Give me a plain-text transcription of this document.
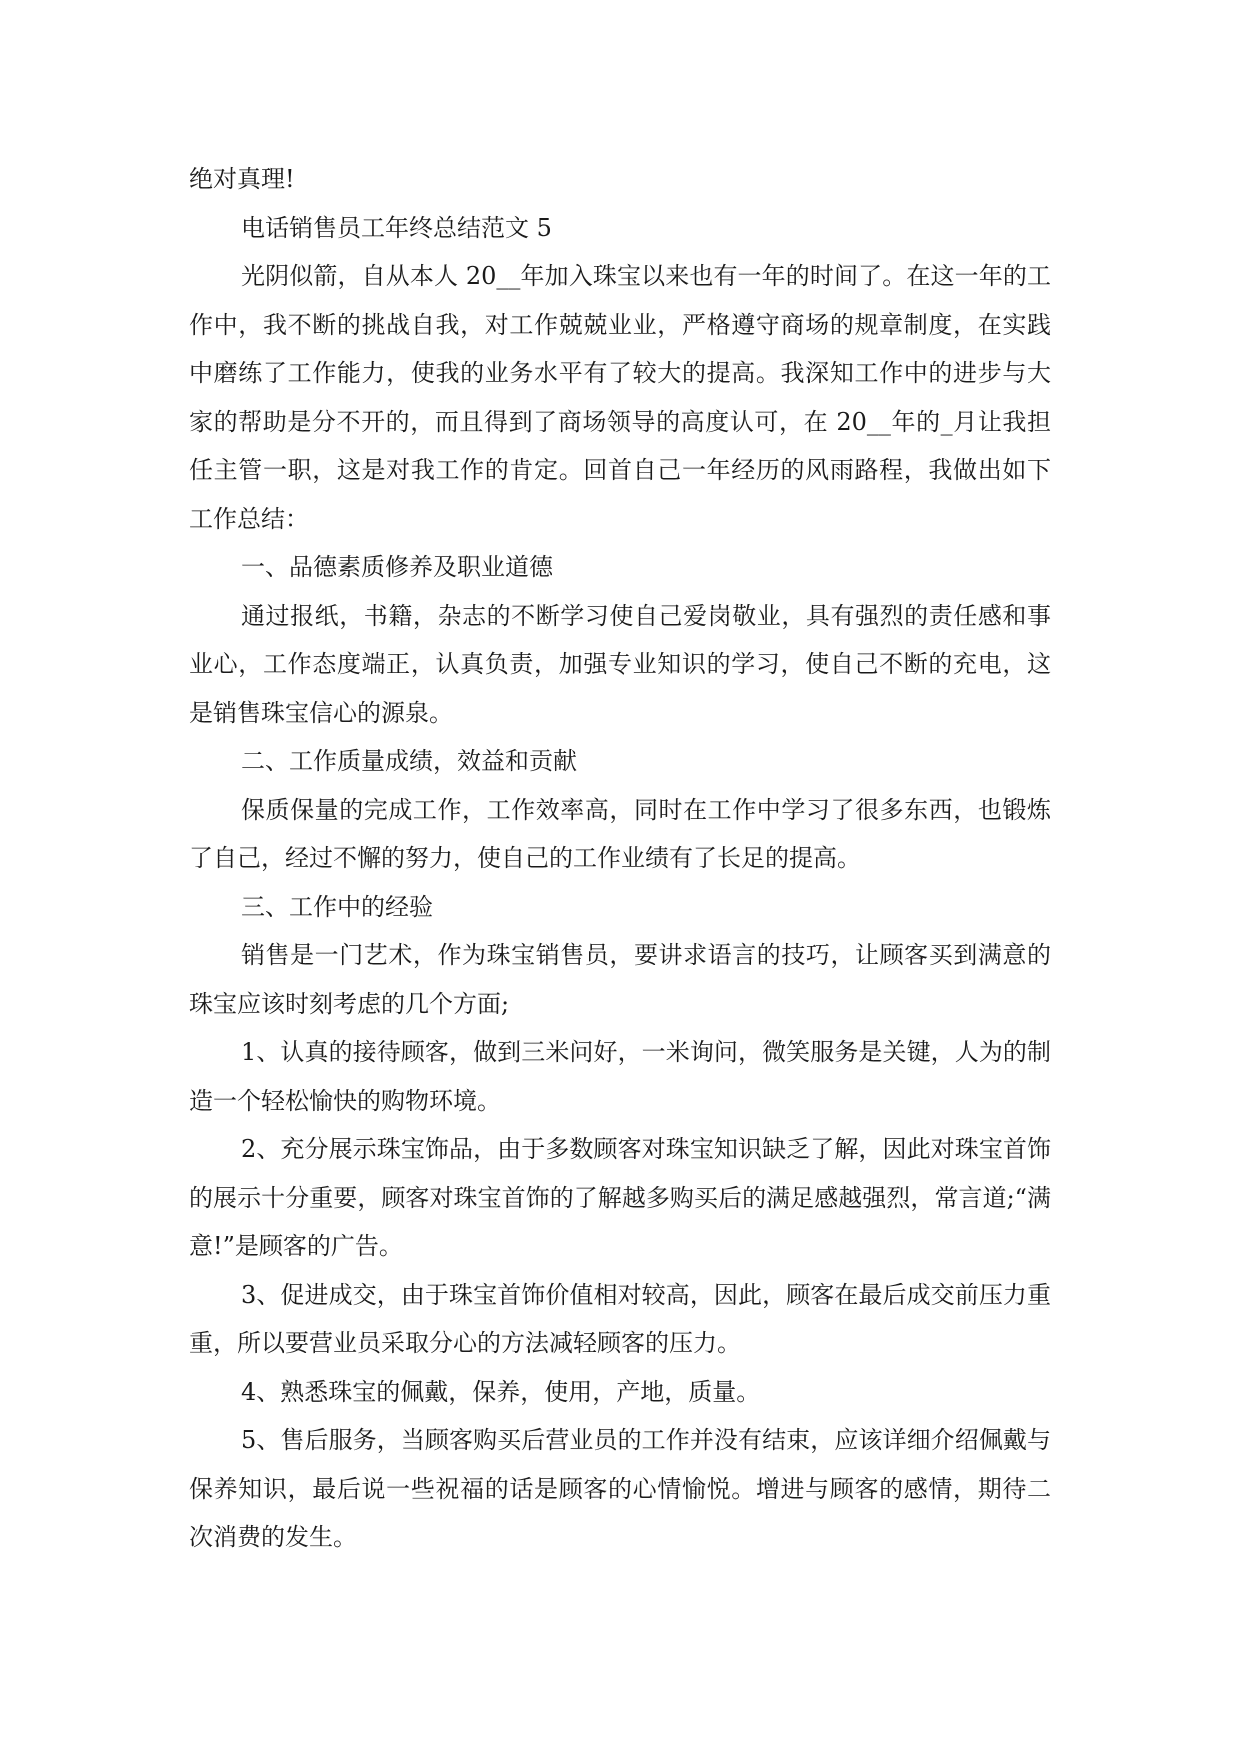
绝对真理!

电话销售员工年终总结范文 5

光阴似箭，自从本人 20__年加入珠宝以来也有一年的时间了。在这一年的工作中，我不断的挑战自我，对工作兢兢业业，严格遵守商场的规章制度，在实践中磨练了工作能力，使我的业务水平有了较大的提高。我深知工作中的进步与大家的帮助是分不开的，而且得到了商场领导的高度认可，在 20__年的_月让我担任主管一职，这是对我工作的肯定。回首自己一年经历的风雨路程，我做出如下工作总结：

一、品德素质修养及职业道德

通过报纸，书籍，杂志的不断学习使自己爱岗敬业，具有强烈的责任感和事业心，工作态度端正，认真负责，加强专业知识的学习，使自己不断的充电，这是销售珠宝信心的源泉。

二、工作质量成绩，效益和贡献

保质保量的完成工作，工作效率高，同时在工作中学习了很多东西，也锻炼了自己，经过不懈的努力，使自己的工作业绩有了长足的提高。

三、工作中的经验

销售是一门艺术，作为珠宝销售员，要讲求语言的技巧，让顾客买到满意的珠宝应该时刻考虑的几个方面;

1、认真的接待顾客，做到三米问好，一米询问，微笑服务是关键，人为的制造一个轻松愉快的购物环境。

2、充分展示珠宝饰品，由于多数顾客对珠宝知识缺乏了解，因此对珠宝首饰的展示十分重要，顾客对珠宝首饰的了解越多购买后的满足感越强烈，常言道;“满意!”是顾客的广告。

3、促进成交，由于珠宝首饰价值相对较高，因此，顾客在最后成交前压力重重，所以要营业员采取分心的方法减轻顾客的压力。

4、熟悉珠宝的佩戴，保养，使用，产地，质量。

5、售后服务，当顾客购买后营业员的工作并没有结束，应该详细介绍佩戴与保养知识，最后说一些祝福的话是顾客的心情愉悦。增进与顾客的感情，期待二次消费的发生。
